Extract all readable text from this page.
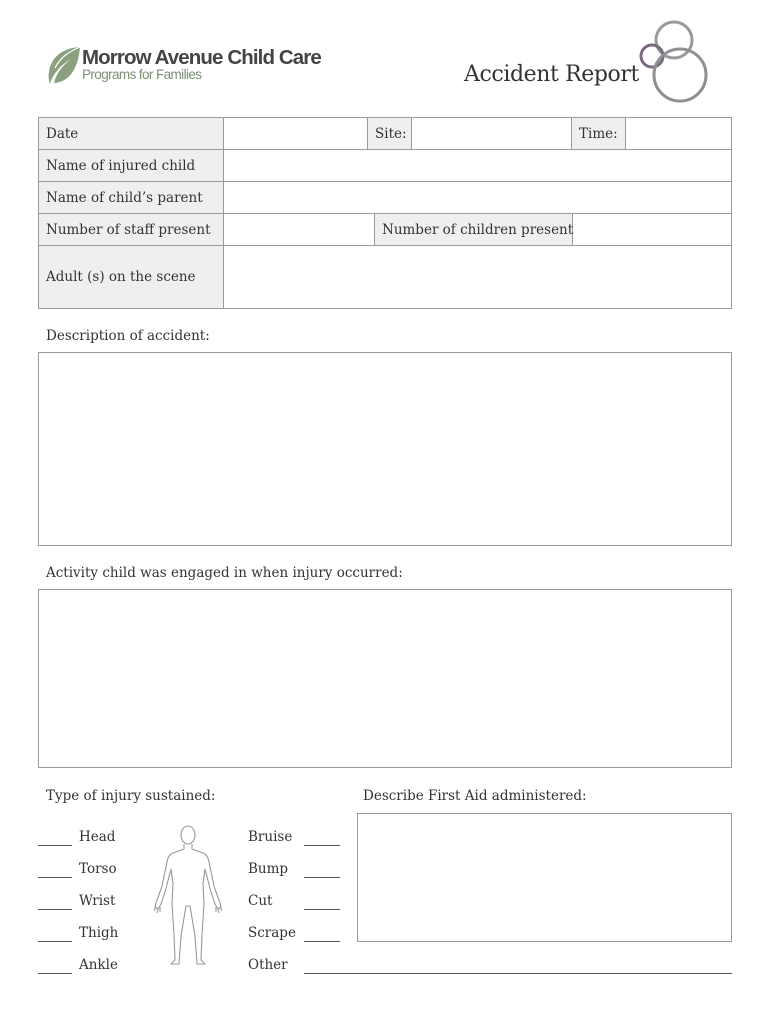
Morrow Avenue Child Care
Programs for Families	Accident Report
Date	Site:	Time:
Name of injured child
Name of child’s parent
Number of staff present	Number of children present
Adult (s) on the scene
Description of accident:
Activity child was engaged in when injury occurred:
Type of injury sustained:	Describe First Aid administered:
Head
Torso
Wrist
Thigh
Ankle
Bruise
Bump
Cut
Scrape
Other
